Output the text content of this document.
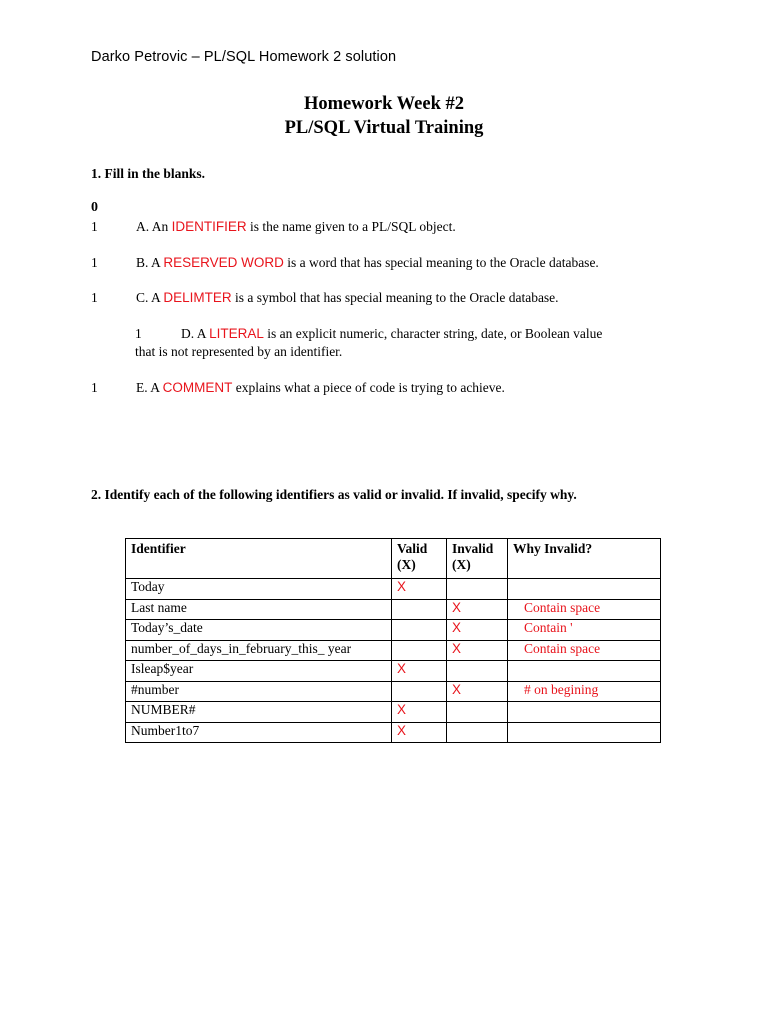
Darko Petrovic – PL/SQL Homework 2 solution
Homework Week #2
PL/SQL Virtual Training
1. Fill in the blanks.
0
1	A. An IDENTIFIER is the name given to a PL/SQL object.
1	B. A RESERVED WORD is a word that has special meaning to the Oracle database.
1	C. A DELIMTER is a symbol that has special meaning to the Oracle database.
1	D. A LITERAL is an explicit numeric, character string, date, or Boolean value
that is not represented by an identifier.
1	E. A COMMENT explains what a piece of code is trying to achieve.
2. Identify each of the following identifiers as valid or invalid. If invalid, specify why.
Identifier	Valid (X)	Invalid (X)	Why Invalid?
Today	X		
Last name		X	Contain space
Today’s_date		X	Contain '
number_of_days_in_february_this_ year		X	Contain space
Isleap$year	X		
#number		X	# on begining
NUMBER#	X		
Number1to7	X		
